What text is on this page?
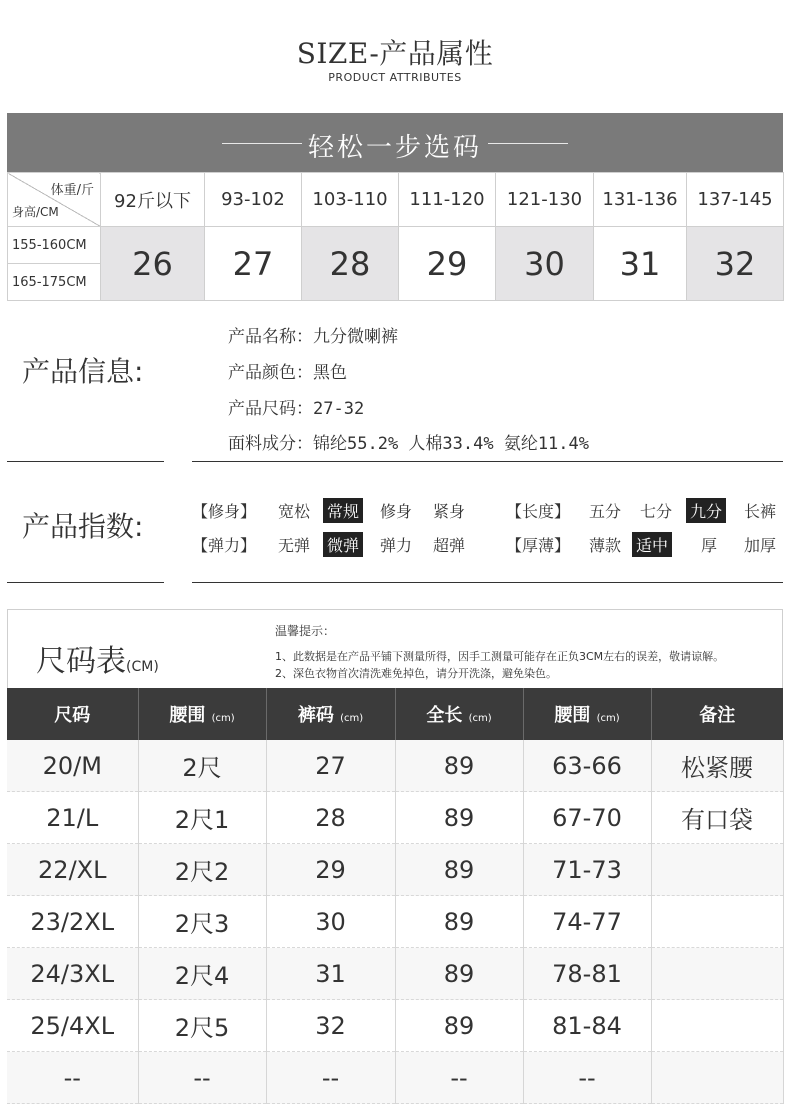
SIZE-产品属性
PRODUCT ATTRIBUTES
轻松一步选码
体重/斤
身高/CM	92斤以下	93-102	103-110	111-120	121-130	131-136	137-145
155-160CM	26	27	28	29	30	31	32
165-175CM							
产品信息:
产品名称：九分微喇裤
产品颜色：黑色
产品尺码：27-32
面料成分：锦纶55.2% 人棉33.4% 氨纶11.4%
产品指数:	【修身】 宽松 常规 修身 紧身	【长度】 五分 七分 九分 长裤
【弹力】 无弹 微弹 弹力 超弹	【厚薄】 薄款 适中 厚 加厚
尺码表(CM)
温馨提示：
1、此数据是在产品平铺下测量所得，因手工测量可能存在正负3CM左右的误差，敬请谅解。
2、深色衣物首次清洗难免掉色，请分开洗涤，避免染色。
尺码	腰围 (cm)	裤码 (cm)	全长 (cm)	腰围 (cm)	备注
20/M	2尺	27	89	63-66	松紧腰
21/L	2尺1	28	89	67-70	有口袋
22/XL	2尺2	29	89	71-73	
23/2XL	2尺3	30	89	74-77	
24/3XL	2尺4	31	89	78-81	
25/4XL	2尺5	32	89	81-84	
--	--	--	--	--	
